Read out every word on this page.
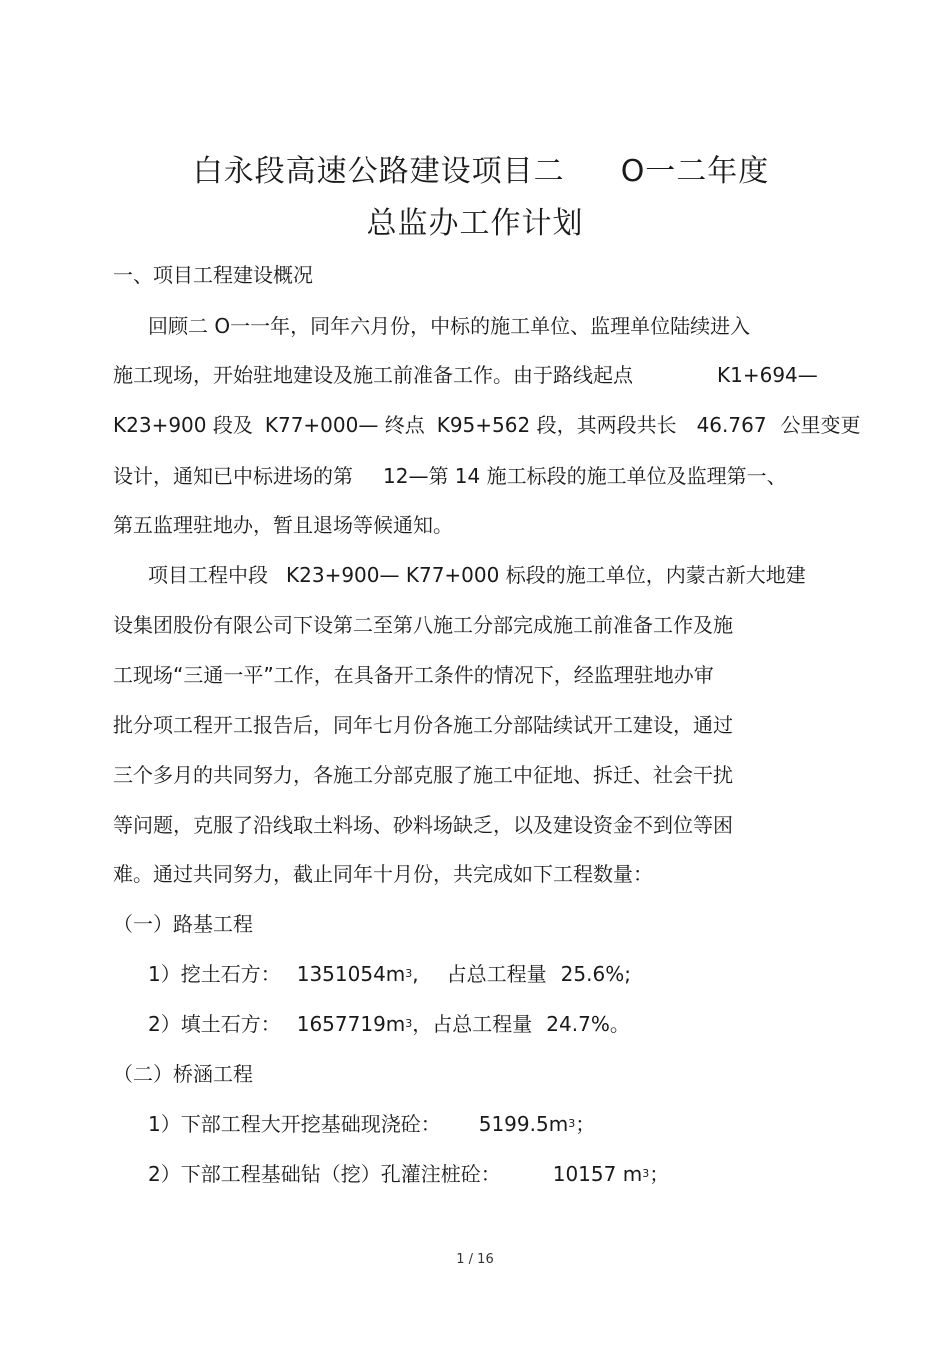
白永段高速公路建设项目二 O一二年度
总监办工作计划
一、项目工程建设概况
回顾二 O一一年，同年六月份，中标的施工单位、监理单位陆续进入
施工现场，开始驻地建设及施工前准备工作。由于路线起点	K1+694—
K23+900 段及 K77+000— 终点 K95+562 段，其两段共长 46.767 公里变更
设计，通知已中标进场的第 12—第 14 施工标段的施工单位及监理第一、
第五监理驻地办，暂且退场等候通知。
项目工程中段 K23+900— K77+000 标段的施工单位，内蒙古新大地建
设集团股份有限公司下设第二至第八施工分部完成施工前准备工作及施
工现场“三通一平”工作，在具备开工条件的情况下，经监理驻地办审
批分项工程开工报告后，同年七月份各施工分部陆续试开工建设，通过
三个多月的共同努力，各施工分部克服了施工中征地、拆迁、社会干扰
等问题，克服了沿线取土料场、砂料场缺乏，以及建设资金不到位等困
难。通过共同努力，截止同年十月份，共完成如下工程数量：
（一）路基工程
1）挖土石方： $1351054m^3$, 占总工程量 25.6%;
2）填土石方： $1657719m^3$，占总工程量 24.7%。
（二）桥涵工程
1）下部工程大开挖基础现浇砼： $5199.5m^3$；
2）下部工程基础钻（挖）孔灌注桩砼：	10157 $m^3$；
1 / 16
